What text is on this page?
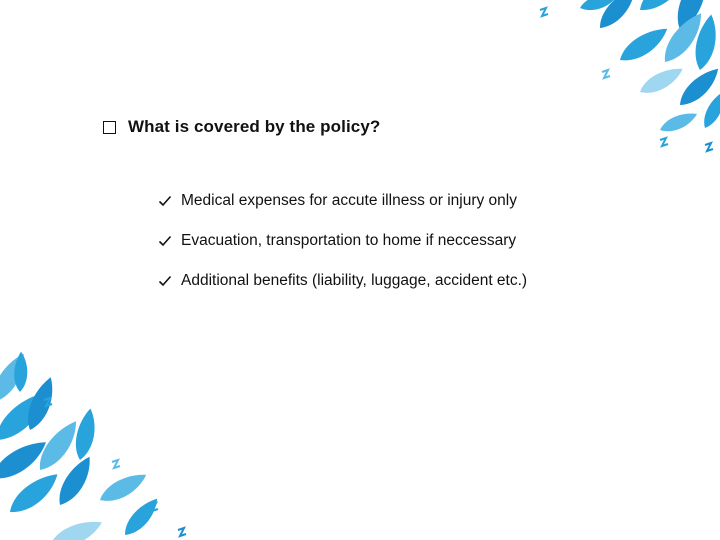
What is covered by the policy?
Medical expenses for accute illness or injury only
Evacuation, transportation to home if neccessary
Additional benefits (liability, luggage, accident etc.)
